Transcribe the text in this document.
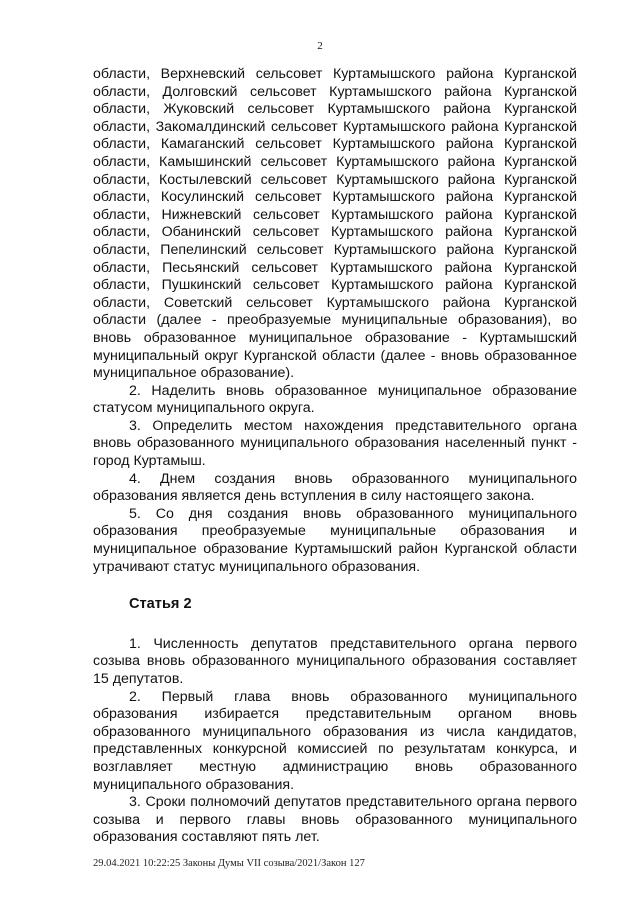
2

области, Верхневский сельсовет Куртамышского района Курганской области, Долговский сельсовет Куртамышского района Курганской области, Жуковский сельсовет Куртамышского района Курганской области, Закомалдинский сельсовет Куртамышского района Курганской области, Камаганский сельсовет Куртамышского района Курганской области, Камышинский сельсовет Куртамышского района Курганской области, Костылевский сельсовет Куртамышского района Курганской области, Косулинский сельсовет Куртамышского района Курганской области, Нижневский сельсовет Куртамышского района Курганской области, Обанинский сельсовет Куртамышского района Курганской области, Пепелинский сельсовет Куртамышского района Курганской области, Песьянский сельсовет Куртамышского района Курганской области, Пушкинский сельсовет Куртамышского района Курганской области, Советский сельсовет Куртамышского района Курганской области (далее - преобразуемые муниципальные образования), во вновь образованное муниципальное образование - Куртамышский муниципальный округ Курганской области (далее - вновь образованное муниципальное образование).

2. Наделить вновь образованное муниципальное образование статусом муниципального округа.

3. Определить местом нахождения представительного органа вновь образованного муниципального образования населенный пункт - город Куртамыш.

4. Днем создания вновь образованного муниципального образования является день вступления в силу настоящего закона.

5. Со дня создания вновь образованного муниципального образования преобразуемые муниципальные образования и муниципальное образование Куртамышский район Курганской области утрачивают статус муниципального образования.

Статья 2

1. Численность депутатов представительного органа первого созыва вновь образованного муниципального образования составляет 15 депутатов.

2. Первый глава вновь образованного муниципального образования избирается представительным органом вновь образованного муниципального образования из числа кандидатов, представленных конкурсной комиссией по результатам конкурса, и возглавляет местную администрацию вновь образованного муниципального образования.

3. Сроки полномочий депутатов представительного органа первого созыва и первого главы вновь образованного муниципального образования составляют пять лет.

29.04.2021 10:22:25 Законы Думы VII созыва/2021/Закон 127
